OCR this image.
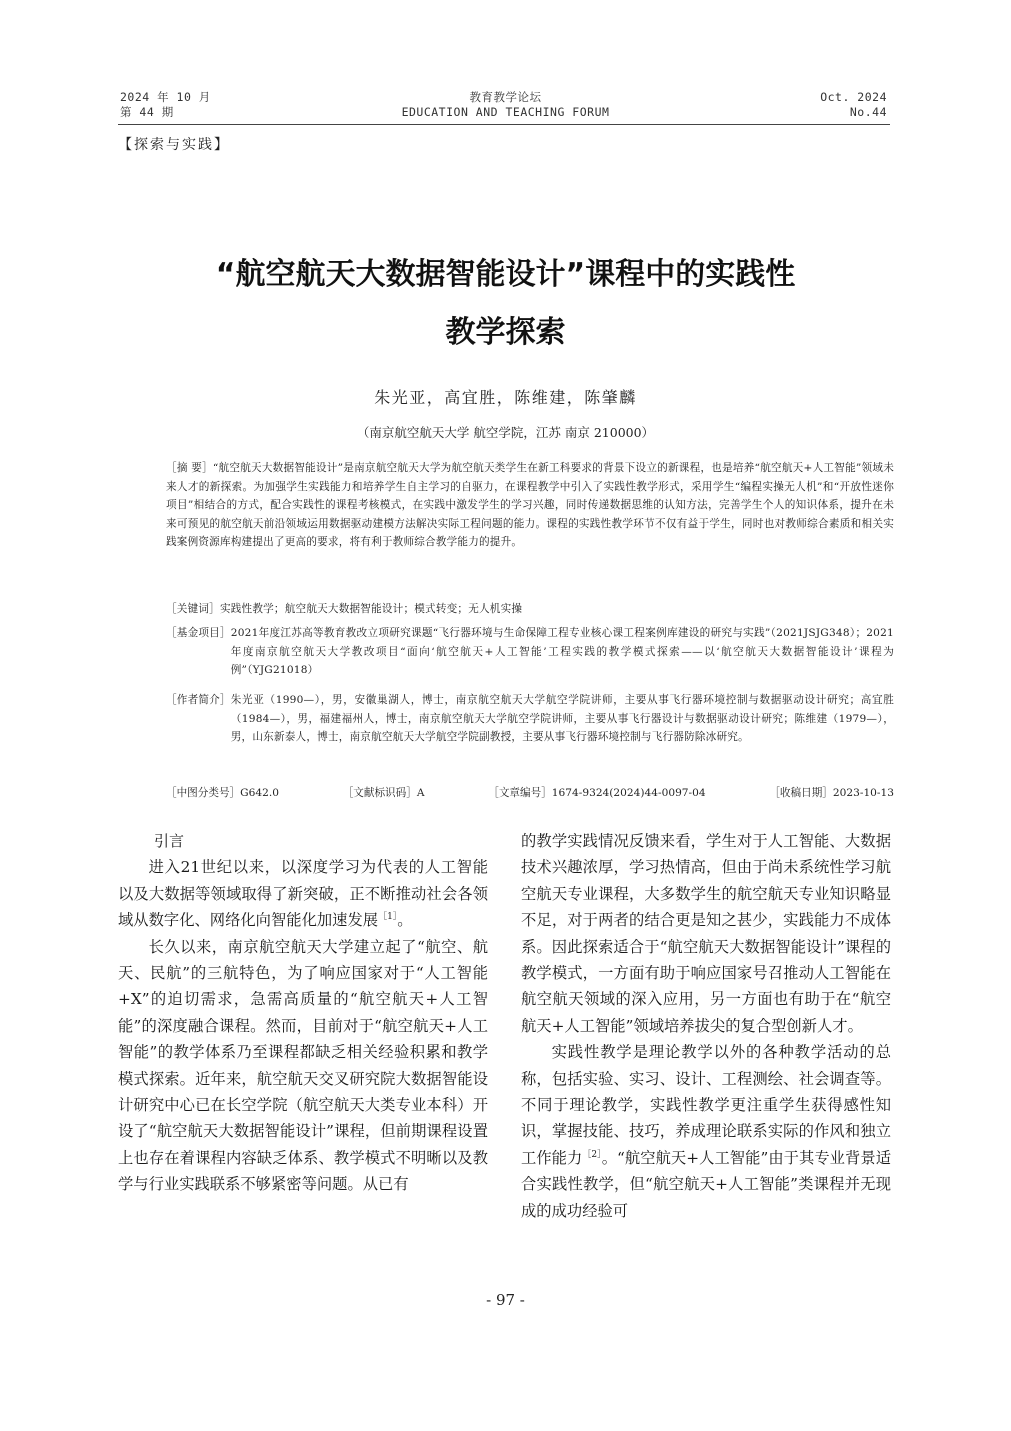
2024 年 10 月
第 44 期
教育教学论坛
EDUCATION AND TEACHING FORUM
Oct. 2024
No.44
【探索与实践】
“航空航天大数据智能设计”课程中的实践性
教学探索
朱光亚，高宜胜，陈维建，陈肇麟
（南京航空航天大学 航空学院，江苏 南京 210000）
［摘 要］“航空航天大数据智能设计”是南京航空航天大学为航空航天类学生在新工科要求的背景下设立的新课程，也是培养“航空航天+人工智能”领域未来人才的新探索。为加强学生实践能力和培养学生自主学习的自驱力，在课程教学中引入了实践性教学形式，采用学生“编程实操无人机”和“开放性迷你项目”相结合的方式，配合实践性的课程考核模式，在实践中激发学生的学习兴趣，同时传递数据思维的认知方法，完善学生个人的知识体系，提升在未来可预见的航空航天前沿领域运用数据驱动建模方法解决实际工程问题的能力。课程的实践性教学环节不仅有益于学生，同时也对教师综合素质和相关实践案例资源库构建提出了更高的要求，将有利于教师综合教学能力的提升。
［关键词］实践性教学；航空航天大数据智能设计；模式转变；无人机实操
［基金项目］ 2021年度江苏高等教育教改立项研究课题“飞行器环境与生命保障工程专业核心课工程案例库建设的研究与实践”（2021JSJG348）；2021年度南京航空航天大学教改项目“面向‘航空航天+人工智能’工程实践的教学模式探索——以‘航空航天大数据智能设计’课程为例”（YJG21018）
［作者简介］ 朱光亚（1990—），男，安徽巢湖人，博士，南京航空航天大学航空学院讲师，主要从事飞行器环境控制与数据驱动设计研究；高宜胜（1984—），男，福建福州人，博士，南京航空航天大学航空学院讲师，主要从事飞行器设计与数据驱动设计研究；陈维建（1979—），男，山东新泰人，博士，南京航空航天大学航空学院副教授，主要从事飞行器环境控制与飞行器防除冰研究。
［中图分类号］G642.0	［文献标识码］A	［文章编号］1674-9324(2024)44-0097-04	［收稿日期］2023-10-13

引言

进入21世纪以来，以深度学习为代表的人工智能以及大数据等领域取得了新突破，正不断推动社会各领域从数字化、网络化向智能化加速发展$^{[1]}$。

长久以来，南京航空航天大学建立起了“航空、航天、民航”的三航特色，为了响应国家对于“人工智能+X”的迫切需求，急需高质量的“航空航天+人工智能”的深度融合课程。然而，目前对于“航空航天+人工智能”的教学体系乃至课程都缺乏相关经验积累和教学模式探索。近年来，航空航天交叉研究院大数据智能设计研究中心已在长空学院（航空航天大类专业本科）开设了“航空航天大数据智能设计”课程，但前期课程设置上也存在着课程内容缺乏体系、教学模式不明晰以及教学与行业实践联系不够紧密等问题。从已有

的教学实践情况反馈来看，学生对于人工智能、大数据技术兴趣浓厚，学习热情高，但由于尚未系统性学习航空航天专业课程，大多数学生的航空航天专业知识略显不足，对于两者的结合更是知之甚少，实践能力不成体系。因此探索适合于“航空航天大数据智能设计”课程的教学模式，一方面有助于响应国家号召推动人工智能在航空航天领域的深入应用，另一方面也有助于在“航空航天+人工智能”领域培养拔尖的复合型创新人才。

实践性教学是理论教学以外的各种教学活动的总称，包括实验、实习、设计、工程测绘、社会调查等。不同于理论教学，实践性教学更注重学生获得感性知识，掌握技能、技巧，养成理论联系实际的作风和独立工作能力$^{[2]}$。“航空航天+人工智能”由于其专业背景适合实践性教学，但“航空航天+人工智能”类课程并无现成的成功经验可

- 97 -
